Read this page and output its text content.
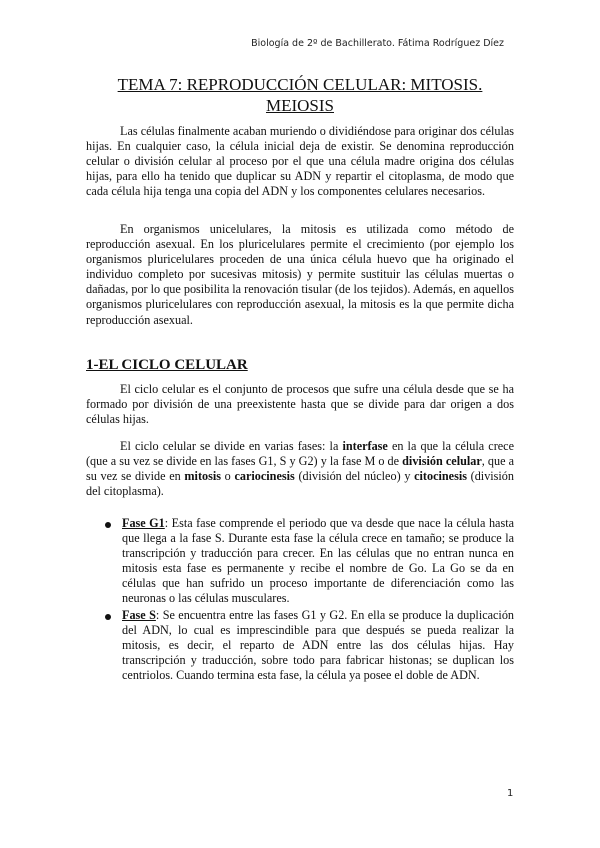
Biología de 2º de Bachillerato. Fátima Rodríguez Díez
TEMA 7: REPRODUCCIÓN CELULAR: MITOSIS. MEIOSIS

Las células finalmente acaban muriendo o dividiéndose para originar dos células hijas. En cualquier caso, la célula inicial deja de existir. Se denomina reproducción celular o división celular al proceso por el que una célula madre origina dos células hijas, para ello ha tenido que duplicar su ADN y repartir el citoplasma, de modo que cada célula hija tenga una copia del ADN y los componentes celulares necesarios.

En organismos unicelulares, la mitosis es utilizada como método de reproducción asexual. En los pluricelulares permite el crecimiento (por ejemplo los organismos pluricelulares proceden de una única célula huevo que ha originado el individuo completo por sucesivas mitosis) y permite sustituir las células muertas o dañadas, por lo que posibilita la renovación tisular (de los tejidos). Además, en aquellos organismos pluricelulares con reproducción asexual, la mitosis es la que permite dicha reproducción asexual.

1-EL CICLO CELULAR

El ciclo celular es el conjunto de procesos que sufre una célula desde que se ha formado por división de una preexistente hasta que se divide para dar origen a dos células hijas.

El ciclo celular se divide en varias fases: la interfase en la que la célula crece (que a su vez se divide en las fases G1, S y G2) y la fase M o de división celular, que a su vez se divide en mitosis o cariocinesis (división del núcleo) y citocinesis (división del citoplasma).

Fase G1: Esta fase comprende el periodo que va desde que nace la célula hasta que llega a la fase S. Durante esta fase la célula crece en tamaño; se produce la transcripción y traducción para crecer. En las células que no entran nunca en mitosis esta fase es permanente y recibe el nombre de Go. La Go se da en células que han sufrido un proceso importante de diferenciación como las neuronas o las células musculares.
Fase S: Se encuentra entre las fases G1 y G2. En ella se produce la duplicación del ADN, lo cual es imprescindible para que después se pueda realizar la mitosis, es decir, el reparto de ADN entre las dos células hijas. Hay transcripción y traducción, sobre todo para fabricar histonas; se duplican los centriolos. Cuando termina esta fase, la célula ya posee el doble de ADN.
1
